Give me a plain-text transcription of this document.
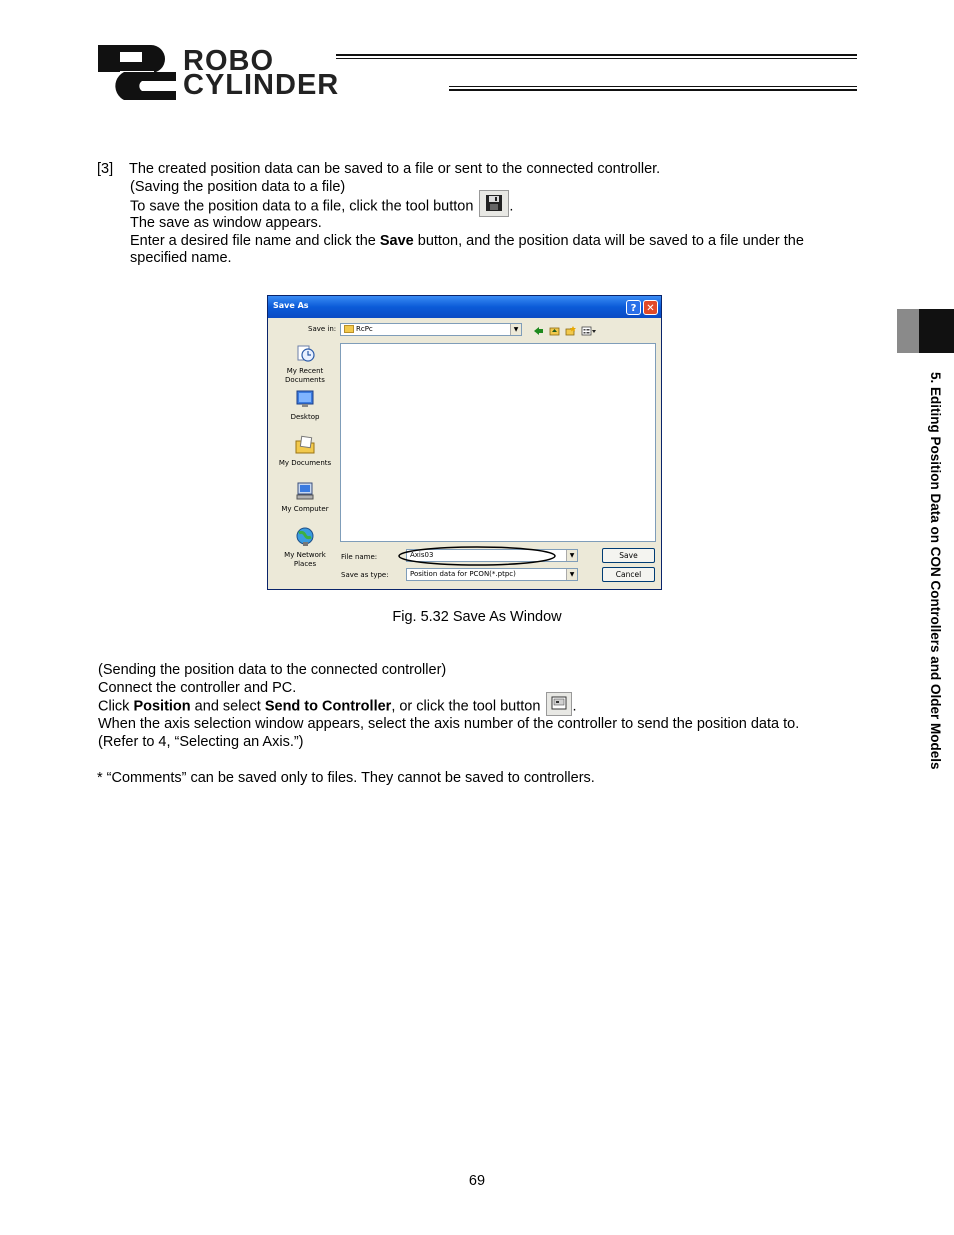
ROBO
CYLINDER
[3] The created position data can be saved to a file or sent to the connected controller.
(Saving the position data to a file)
To save the position data to a file, click the tool button .
The save as window appears.
Enter a desired file name and click the Save button, and the position data will be saved to a file under the
specified name.
Save As	? ✕
Save in:	RcPc	▼
My Recent
Documents
Desktop
My Documents
My Computer
My Network
Places
File name:	Axis03	▼
Save as type:	Position data for PCON(*.ptpc)	▼
Save
Cancel
Fig. 5.32 Save As Window
(Sending the position data to the connected controller)
Connect the controller and PC.
Click Position and select Send to Controller, or click the tool button .
When the axis selection window appears, select the axis number of the controller to send the position data to.
(Refer to 4, “Selecting an Axis.”)
* “Comments” can be saved only to files. They cannot be saved to controllers.
5. Editing Position Data on CON Controllers and Older Models
69
